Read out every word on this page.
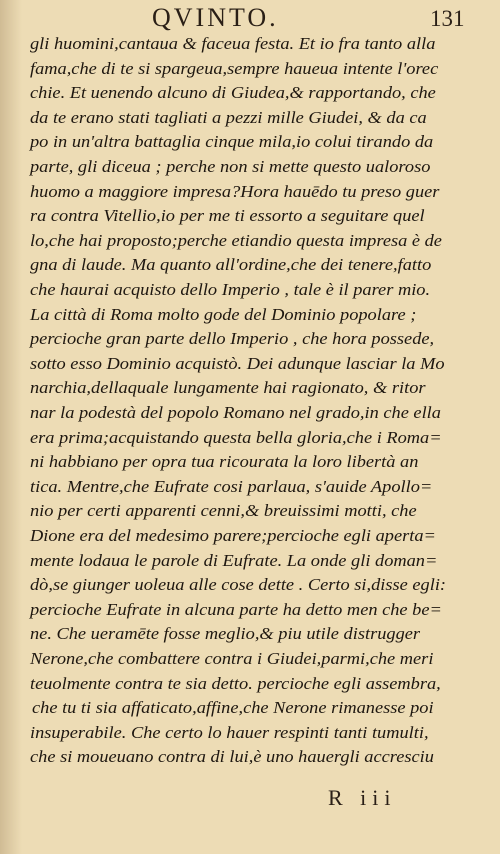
QVINTO.	131
gli huomini,cantaua & faceua festa. Et io fra tanto alla
fama,che di te si spargeua,sempre haueua intente l'orec
chie. Et uenendo alcuno di Giudea,& rapportando, che
da te erano stati tagliati a pezzi mille Giudei, & da ca
po in un'altra battaglia cinque mila,io colui tirando da
parte, gli diceua ; perche non si mette questo ualoroso
huomo a maggiore impresa?Hora hauēdo tu preso guer
ra contra Vitellio,io per me ti essorto a seguitare quel
lo,che hai proposto;perche etiandio questa impresa è de
gna di laude. Ma quanto all'ordine,che dei tenere,fatto
che haurai acquisto dello Imperio , tale è il parer mio.
La città di Roma molto gode del Dominio popolare ;
percioche gran parte dello Imperio , che hora possede,
sotto esso Dominio acquistò. Dei adunque lasciar la Mo
narchia,dellaquale lungamente hai ragionato, & ritor
nar la podestà del popolo Romano nel grado,in che ella
era prima;acquistando questa bella gloria,che i Roma=
ni habbiano per opra tua ricourata la loro libertà an
tica. Mentre,che Eufrate cosi parlaua, s'auide Apollo=
nio per certi apparenti cenni,& breuissimi motti, che
Dione era del medesimo parere;percioche egli aperta=
mente lodaua le parole di Eufrate. La onde gli doman=
dò,se giunger uoleua alle cose dette . Certo si,disse egli:
percioche Eufrate in alcuna parte ha detto men che be=
ne. Che ueramēte fosse meglio,& piu utile distrugger
Nerone,che combattere contra i Giudei,parmi,che meri
teuolmente contra te sia detto. percioche egli assembra,
che tu ti sia affaticato,affine,che Nerone rimanesse poi
insuperabile. Che certo lo hauer respinti tanti tumulti,
che si moueuano contra di lui,è uno hauergli accresciu
R iii
